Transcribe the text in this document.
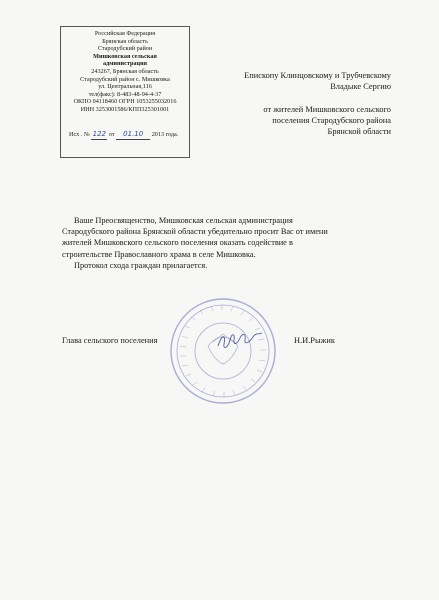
Российская Федерация
Брянская область
Стародубский район
Мишковская сельская
администрация
243267, Брянская область
Стародубский район с. Мишковка
ул. Центральная,116
тел(факс): 8-483-48-94-4-37
ОКПО 04118460 ОГРН 1053255032016
ИНН 3253001586/КПП325301001
Исх . № 122 от 01.10 2013 года.
Епископу Клинцовскому и Трубчевскому
Владыке Сергию
от жителей Мишковского сельского
поселения Стародубского района
Брянской области

Ваше Преосвященство, Мишковская сельская администрация

Стародубского района Брянской области убедительно просит Вас от имени

жителей Мишковского сельского поселения оказать содействие в

строительстве Православного храма в селе Мишковка.

Протокол схода граждан прилагается.

Глава сельского поселения	Н.И.Рыжик
